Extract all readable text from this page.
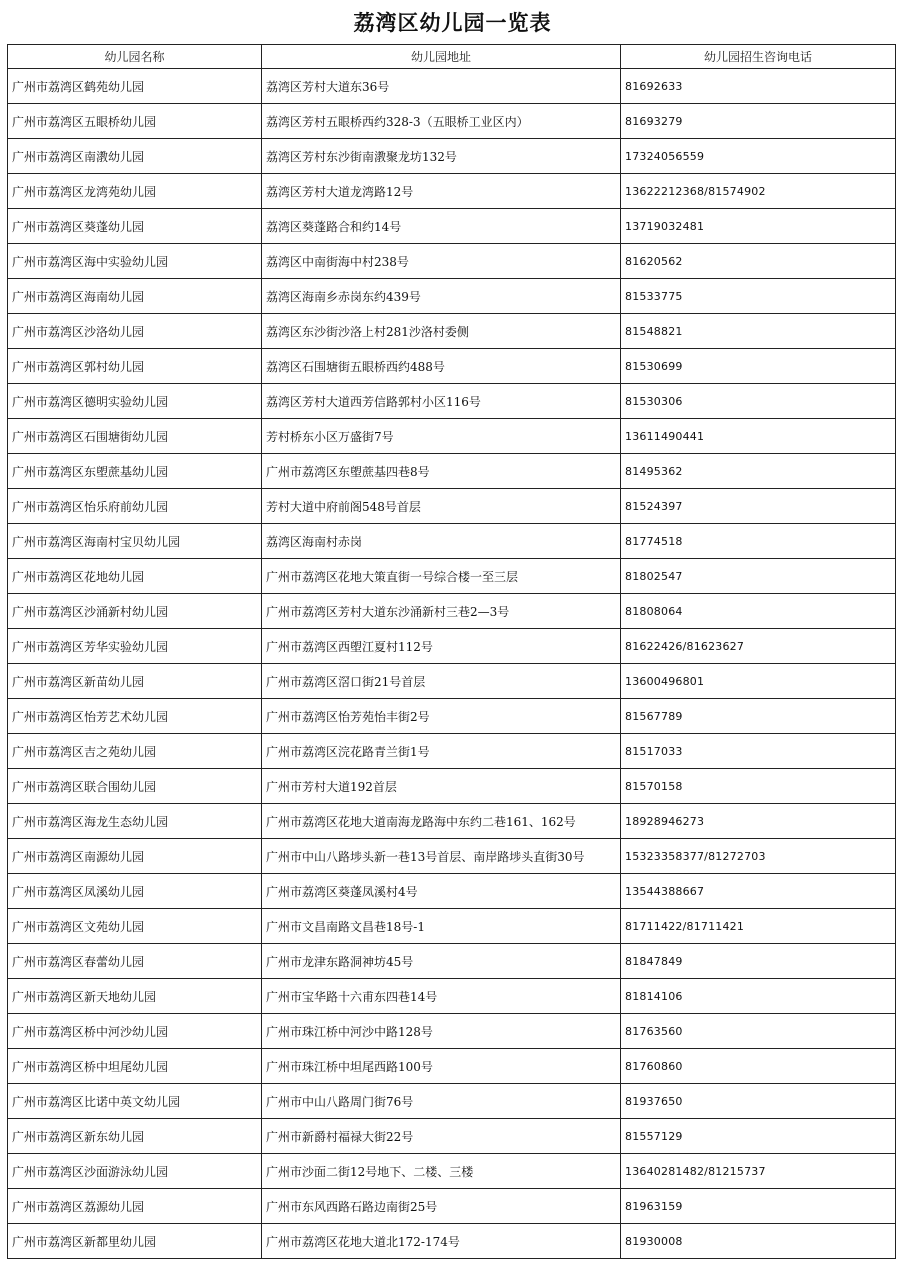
荔湾区幼儿园一览表
幼儿园名称	幼儿园地址	幼儿园招生咨询电话
广州市荔湾区鹤苑幼儿园	荔湾区芳村大道东36号	81692633
广州市荔湾区五眼桥幼儿园	荔湾区芳村五眼桥西约328-3（五眼桥工业区内）	81693279
广州市荔湾区南漖幼儿园	荔湾区芳村东沙街南漖聚龙坊132号	17324056559
广州市荔湾区龙湾苑幼儿园	荔湾区芳村大道龙湾路12号	13622212368/81574902
广州市荔湾区葵蓬幼儿园	荔湾区葵蓬路合和约14号	13719032481
广州市荔湾区海中实验幼儿园	荔湾区中南街海中村238号	81620562
广州市荔湾区海南幼儿园	荔湾区海南乡赤岗东约439号	81533775
广州市荔湾区沙洛幼儿园	荔湾区东沙街沙洛上村281沙洛村委侧	81548821
广州市荔湾区郭村幼儿园	荔湾区石围塘街五眼桥西约488号	81530699
广州市荔湾区德明实验幼儿园	荔湾区芳村大道西芳信路郭村小区116号	81530306
广州市荔湾区石围塘街幼儿园	芳村桥东小区万盛街7号	13611490441
广州市荔湾区东塱蔗基幼儿园	广州市荔湾区东塱蔗基四巷8号	81495362
广州市荔湾区怡乐府前幼儿园	芳村大道中府前阁548号首层	81524397
广州市荔湾区海南村宝贝幼儿园	荔湾区海南村赤岗	81774518
广州市荔湾区花地幼儿园	广州市荔湾区花地大策直街一号综合楼一至三层	81802547
广州市荔湾区沙涌新村幼儿园	广州市荔湾区芳村大道东沙涌新村三巷2—3号	81808064
广州市荔湾区芳华实验幼儿园	广州市荔湾区西塱江夏村112号	81622426/81623627
广州市荔湾区新苗幼儿园	广州市荔湾区滘口街21号首层	13600496801
广州市荔湾区怡芳艺术幼儿园	广州市荔湾区怡芳苑怡丰街2号	81567789
广州市荔湾区吉之苑幼儿园	广州市荔湾区浣花路青兰街1号	81517033
广州市荔湾区联合围幼儿园	广州市芳村大道192首层	81570158
广州市荔湾区海龙生态幼儿园	广州市荔湾区花地大道南海龙路海中东约二巷161、162号	18928946273
广州市荔湾区南源幼儿园	广州市中山八路埗头新一巷13号首层、南岸路埗头直街30号	15323358377/81272703
广州市荔湾区凤溪幼儿园	广州市荔湾区葵蓬凤溪村4号	13544388667
广州市荔湾区文苑幼儿园	广州市文昌南路文昌巷18号-1	81711422/81711421
广州市荔湾区春蕾幼儿园	广州市龙津东路洞神坊45号	81847849
广州市荔湾区新天地幼儿园	广州市宝华路十六甫东四巷14号	81814106
广州市荔湾区桥中河沙幼儿园	广州市珠江桥中河沙中路128号	81763560
广州市荔湾区桥中坦尾幼儿园	广州市珠江桥中坦尾西路100号	81760860
广州市荔湾区比诺中英文幼儿园	广州市中山八路周门街76号	81937650
广州市荔湾区新东幼儿园	广州市新爵村福禄大街22号	81557129
广州市荔湾区沙面游泳幼儿园	广州市沙面二街12号地下、二楼、三楼	13640281482/81215737
广州市荔湾区荔源幼儿园	广州市东风西路石路边南街25号	81963159
广州市荔湾区新都里幼儿园	广州市荔湾区花地大道北172-174号	81930008
